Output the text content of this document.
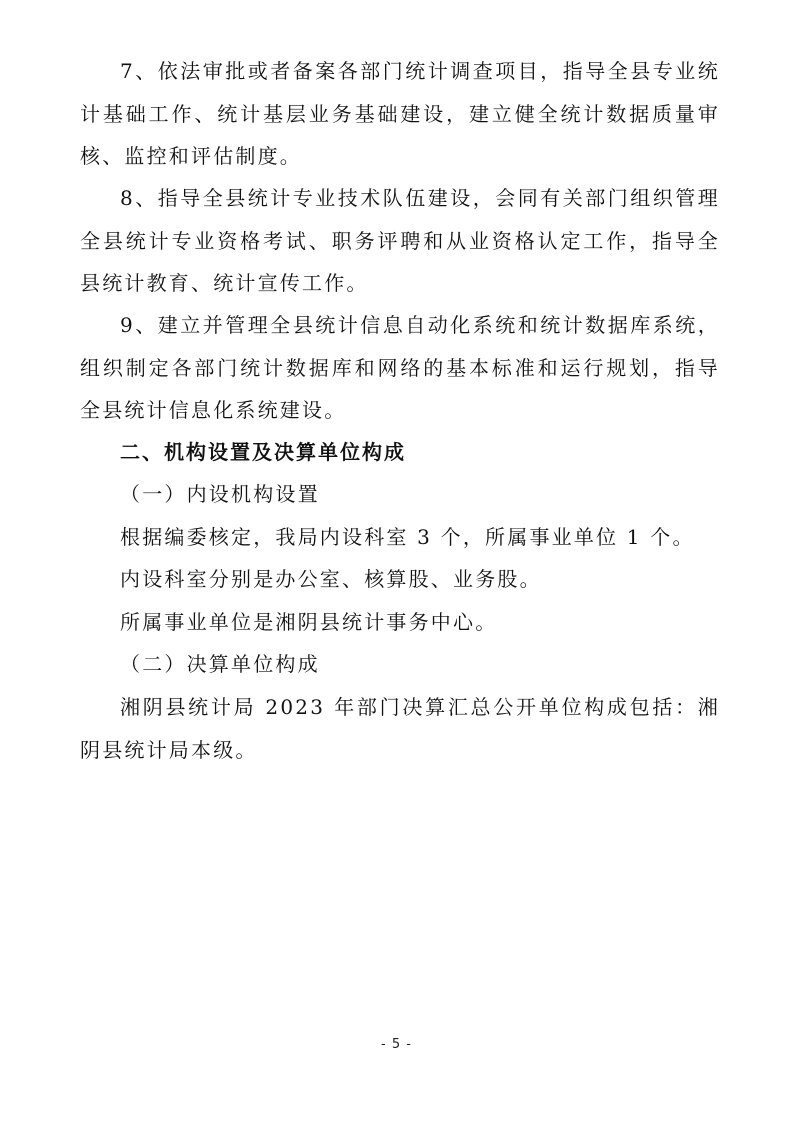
7、依法审批或者备案各部门统计调查项目，指导全县专业统计基础工作、统计基层业务基础建设，建立健全统计数据质量审核、监控和评估制度。

8、指导全县统计专业技术队伍建设，会同有关部门组织管理全县统计专业资格考试、职务评聘和从业资格认定工作，指导全县统计教育、统计宣传工作。

9、建立并管理全县统计信息自动化系统和统计数据库系统，组织制定各部门统计数据库和网络的基本标准和运行规划，指导全县统计信息化系统建设。

二、机构设置及决算单位构成

（一）内设机构设置

根据编委核定，我局内设科室 3 个，所属事业单位 1 个。

内设科室分别是办公室、核算股、业务股。

所属事业单位是湘阴县统计事务中心。

（二）决算单位构成

湘阴县统计局 2023 年部门决算汇总公开单位构成包括：湘阴县统计局本级。

- 5 -
